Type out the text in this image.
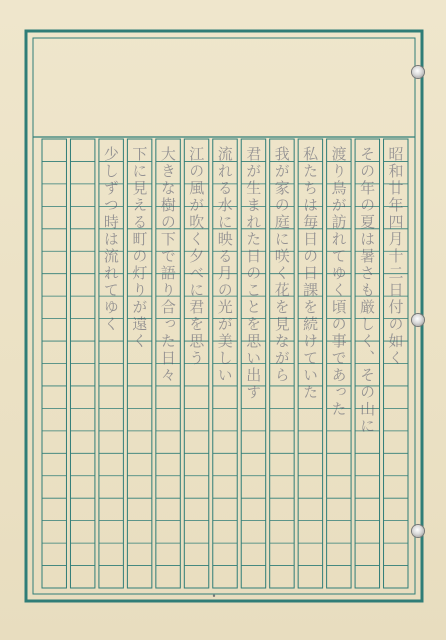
昭和廿年四月十二日付の如く
その年の夏は暑さも厳しく、その山に
渡り鳥が訪れてゆく頃の事であった
私たちは毎日の日課を続けていた
我が家の庭に咲く花を見ながら
君が生まれた日のことを思い出す
流れる水に映る月の光が美しい
江の風が吹く夕べに君を思う
大きな樹の下で語り合った日々
下に見える町の灯りが遠く
少しずつ時は流れてゆく
•
